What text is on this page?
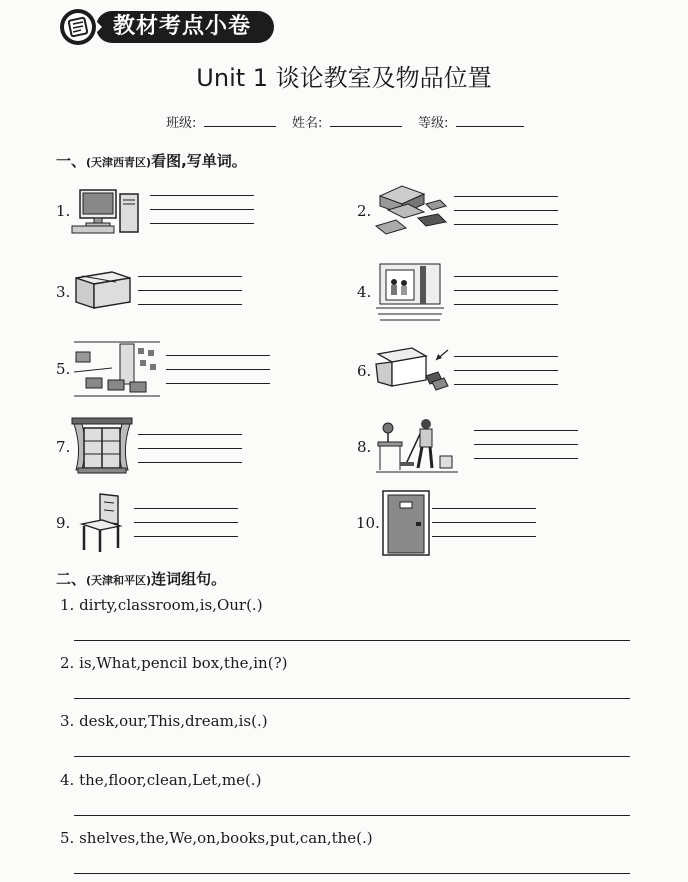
教材考点小卷
Unit 1 谈论教室及物品位置
班级:	姓名:	等级:
一、(天津西青区)看图,写单词。
1.	2.
3.	4.
5.	6.
7.	8.
9.	10.
二、(天津和平区)连词组句。
1. dirty,classroom,is,Our(.)
2. is,What,pencil box,the,in(?)
3. desk,our,This,dream,is(.)
4. the,floor,clean,Let,me(.)
5. shelves,the,We,on,books,put,can,the(.)
